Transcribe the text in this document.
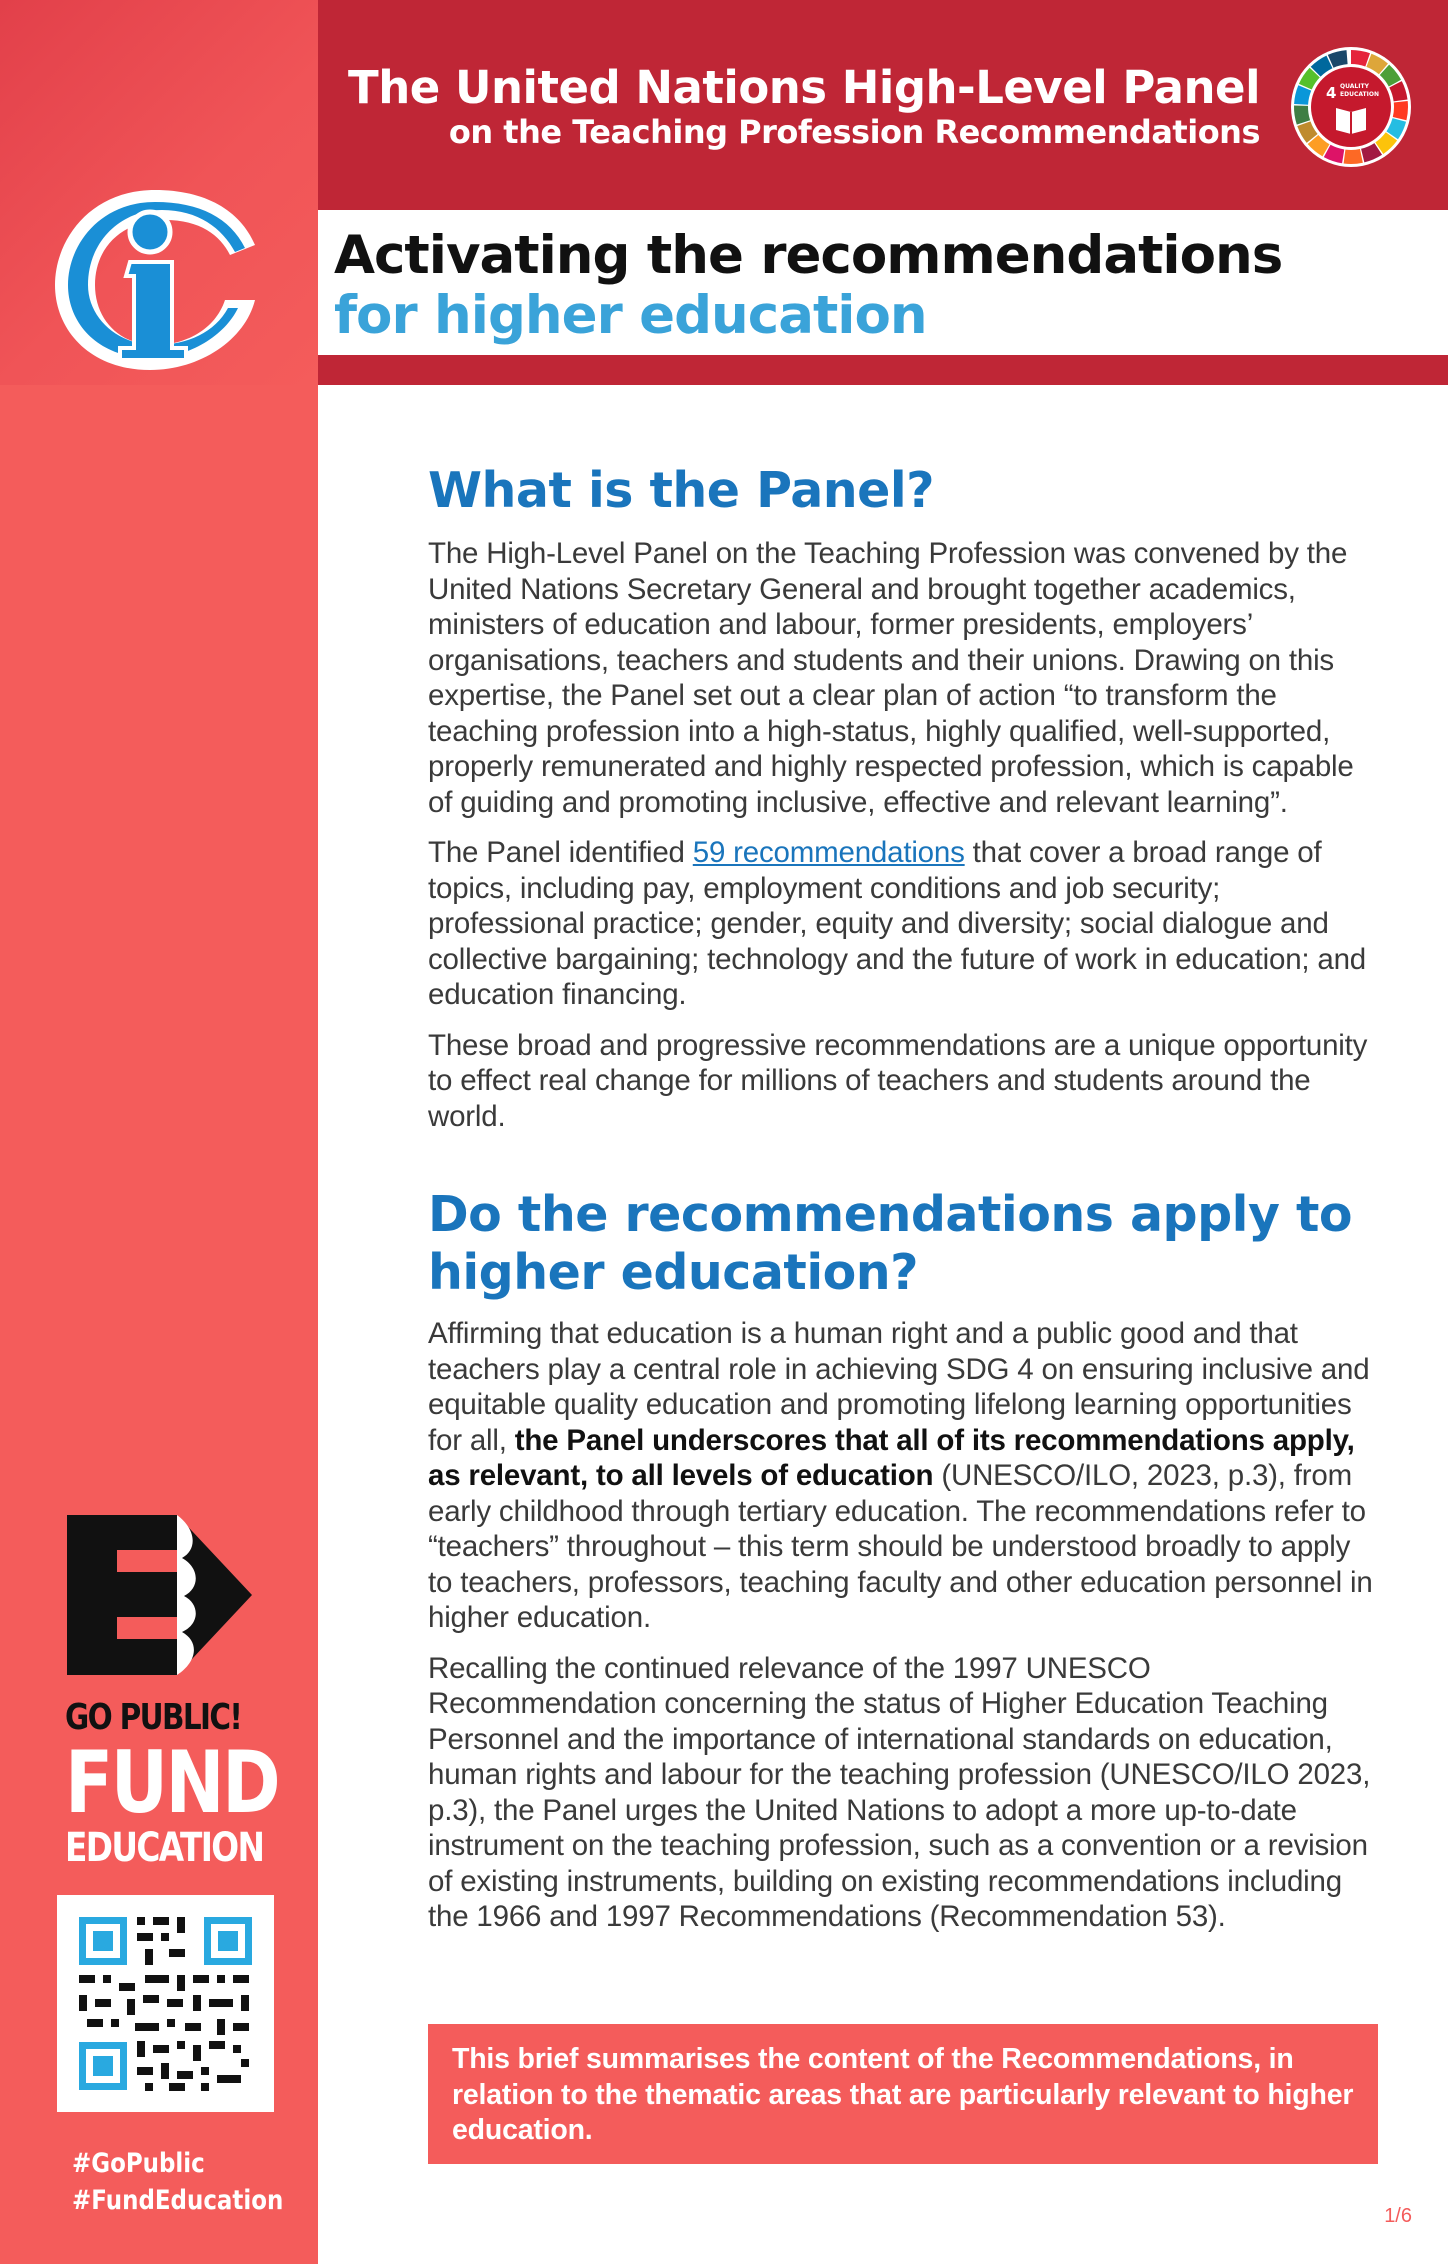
GO PUBLIC!
FUND
EDUCATION
#GoPublic
#FundEducation
The United Nations High-Level Panel
on the Teaching Profession Recommendations
4 QUALITY
EDUCATION
Activating the recommendations
for higher education
What is the Panel?

The High-Level Panel on the Teaching Profession was convened by the United Nations Secretary General and brought together academics, ministers of education and labour, former presidents, employers’ organisations, teachers and students and their unions. Drawing on this expertise, the Panel set out a clear plan of action “to transform the teaching profession into a high-status, highly qualified, well-supported, properly remunerated and highly respected profession, which is capable of guiding and promoting inclusive, effective and relevant learning”.

The Panel identified 59 recommendations that cover a broad range of topics, including pay, employment conditions and job security; professional practice; gender, equity and diversity; social dialogue and collective bargaining; technology and the future of work in education; and education financing.

These broad and progressive recommendations are a unique opportunity to effect real change for millions of teachers and students around the world.

Do the recommendations apply to higher education?

Affirming that education is a human right and a public good and that teachers play a central role in achieving SDG 4 on ensuring inclusive and equitable quality education and promoting lifelong learning opportunities for all, the Panel underscores that all of its recommendations apply, as relevant, to all levels of education (UNESCO/ILO, 2023, p.3), from early childhood through tertiary education. The recommendations refer to “teachers” throughout – this term should be understood broadly to apply to teachers, professors, teaching faculty and other education personnel in higher education.

Recalling the continued relevance of the 1997 UNESCO Recommendation concerning the status of Higher Education Teaching Personnel and the importance of international standards on education, human rights and labour for the teaching profession (UNESCO/ILO 2023, p.3), the Panel urges the United Nations to adopt a more up-to-date instrument on the teaching profession, such as a convention or a revision of existing instruments, building on existing recommendations including the 1966 and 1997 Recommendations (Recommendation 53).

This brief summarises the content of the Recommendations, in relation to the thematic areas that are particularly relevant to higher education.

1/6
